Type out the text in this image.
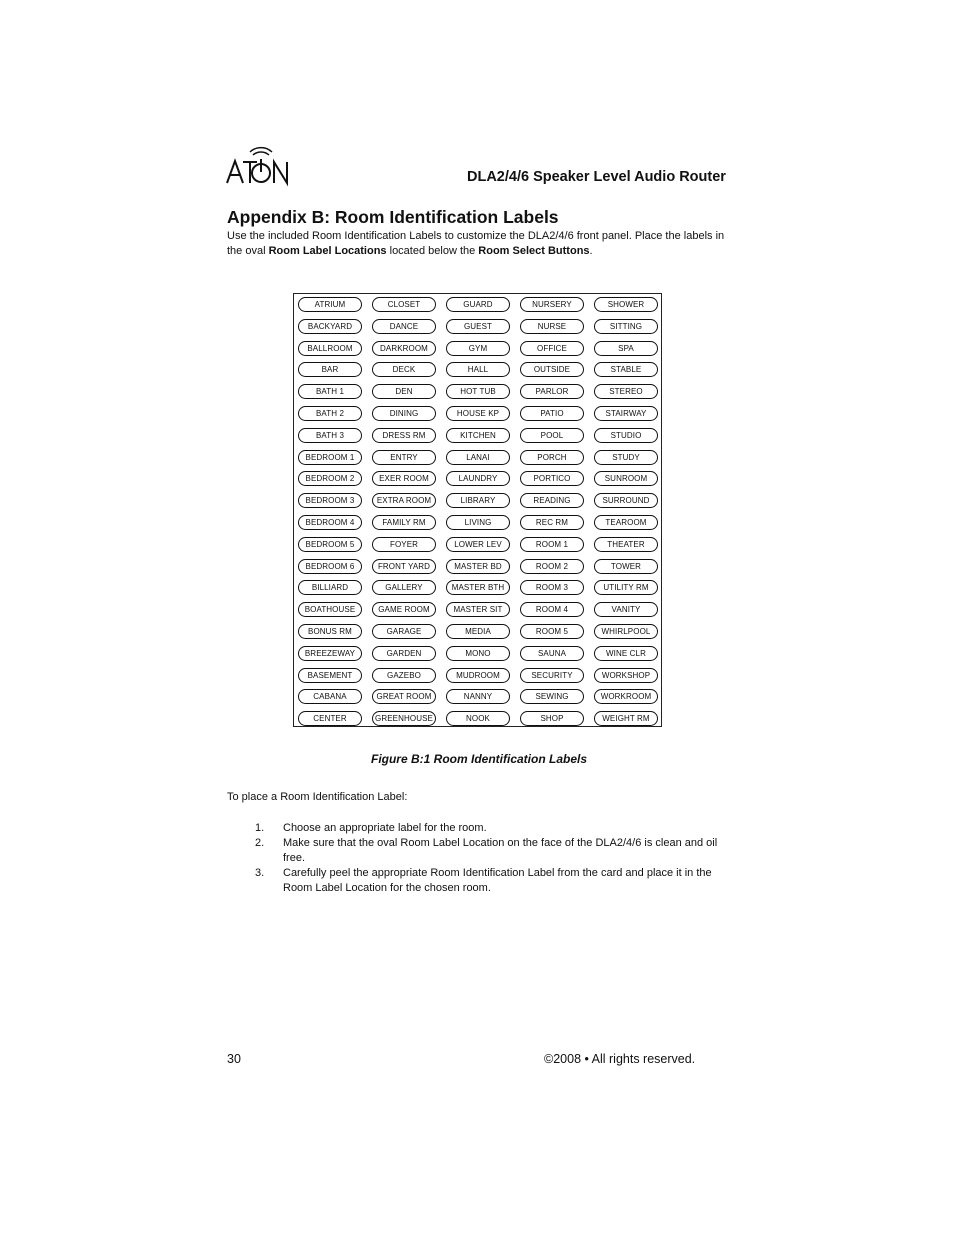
DLA2/4/6 Speaker Level Audio Router
Appendix B: Room Identification Labels

Use the included Room Identification Labels to customize the DLA2/4/6 front panel. Place the labels in the oval Room Label Locations located below the Room Select Buttons.

ATRIUM
BACKYARD
BALLROOM
BAR
BATH 1
BATH 2
BATH 3
BEDROOM 1
BEDROOM 2
BEDROOM 3
BEDROOM 4
BEDROOM 5
BEDROOM 6
BILLIARD
BOATHOUSE
BONUS RM
BREEZEWAY
BASEMENT
CABANA
CENTER
CLOSET
DANCE
DARKROOM
DECK
DEN
DINING
DRESS RM
ENTRY
EXER ROOM
EXTRA ROOM
FAMILY RM
FOYER
FRONT YARD
GALLERY
GAME ROOM
GARAGE
GARDEN
GAZEBO
GREAT ROOM
GREENHOUSE
GUARD
GUEST
GYM
HALL
HOT TUB
HOUSE KP
KITCHEN
LANAI
LAUNDRY
LIBRARY
LIVING
LOWER LEV
MASTER BD
MASTER BTH
MASTER SIT
MEDIA
MONO
MUDROOM
NANNY
NOOK
NURSERY
NURSE
OFFICE
OUTSIDE
PARLOR
PATIO
POOL
PORCH
PORTICO
READING
REC RM
ROOM 1
ROOM 2
ROOM 3
ROOM 4
ROOM 5
SAUNA
SECURITY
SEWING
SHOP
SHOWER
SITTING
SPA
STABLE
STEREO
STAIRWAY
STUDIO
STUDY
SUNROOM
SURROUND
TEAROOM
THEATER
TOWER
UTILITY RM
VANITY
WHIRLPOOL
WINE CLR
WORKSHOP
WORKROOM
WEIGHT RM
Figure B:1 Room Identification Labels
To place a Room Identification Label:
1. Choose an appropriate label for the room.
2. Make sure that the oval Room Label Location on the face of the DLA2/4/6 is clean and oil free.
3. Carefully peel the appropriate Room Identification Label from the card and place it in the Room Label Location for the chosen room.
30	©2008 • All rights reserved.
